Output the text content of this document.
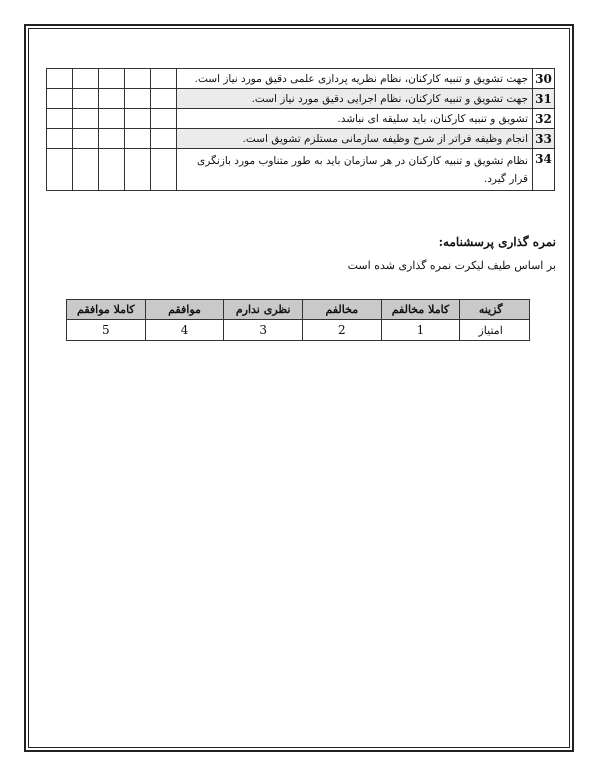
30	جهت تشویق و تنبیه کارکنان، نظام نظریه پردازی علمی دقیق مورد نیاز است.					
31	جهت تشویق و تنبیه کارکنان، نظام اجرایی دقیق مورد نیاز است.					
32	تشویق و تنبیه کارکنان، باید سلیقه ای نباشد.					
33	انجام وظیفه فراتر از شرح وظیفه سازمانی مستلزم تشویق است.					
34	نظام تشویق و تنبیه کارکنان در هر سازمان باید به طور متناوب مورد بازنگری قرار گیرد.					
نمره گذاری پرسشنامه:
بر اساس طیف لیکرت نمره گذاری شده است
گزینه	کاملا مخالفم	مخالفم	نظری ندارم	موافقم	کاملا موافقم
امتیاز	1	2	3	4	5
